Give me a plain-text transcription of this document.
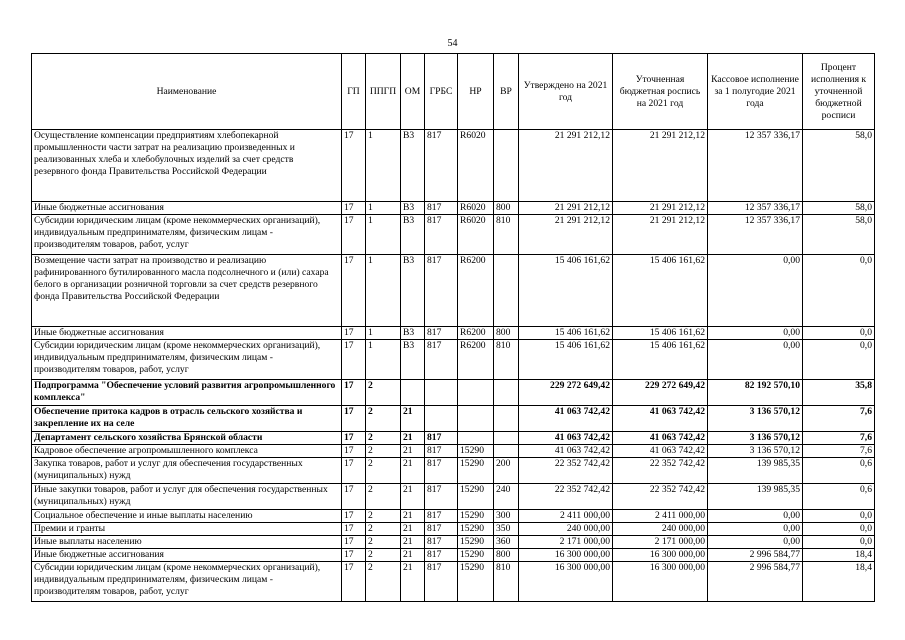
54
Наименование	ГП	ППГП	ОМ	ГРБС	НР	ВР	Утверждено на 2021 год	Уточненная бюджетная роспись на 2021 год	Кассовое исполнение за 1 полугодие 2021 года	Процент исполнения к уточненной бюджетной росписи
Осуществление компенсации предприятиям хлебопекарной промышленности части затрат на реализацию произведенных и реализованных хлеба и хлебобулочных изделий за счет средств резервного фонда Правительства Российской Федерации	17	1	B3	817	R6020		21 291 212,12	21 291 212,12	12 357 336,17	58,0
Иные бюджетные ассигнования	17	1	B3	817	R6020	800	21 291 212,12	21 291 212,12	12 357 336,17	58,0
Субсидии юридическим лицам (кроме некоммерческих организаций), индивидуальным предпринимателям, физическим лицам - производителям товаров, работ, услуг	17	1	B3	817	R6020	810	21 291 212,12	21 291 212,12	12 357 336,17	58,0
Возмещение части затрат на производство и реализацию рафинированного бутилированного масла подсолнечного и (или) сахара белого в организации розничной торговли за счет средств резервного фонда Правительства Российской Федерации	17	1	B3	817	R6200		15 406 161,62	15 406 161,62	0,00	0,0
Иные бюджетные ассигнования	17	1	B3	817	R6200	800	15 406 161,62	15 406 161,62	0,00	0,0
Субсидии юридическим лицам (кроме некоммерческих организаций), индивидуальным предпринимателям, физическим лицам - производителям товаров, работ, услуг	17	1	B3	817	R6200	810	15 406 161,62	15 406 161,62	0,00	0,0
Подпрограмма "Обеспечение условий развития агропромышленного комплекса"	17	2					229 272 649,42	229 272 649,42	82 192 570,10	35,8
Обеспечение притока кадров в отрасль сельского хозяйства и закрепление их на селе	17	2	21				41 063 742,42	41 063 742,42	3 136 570,12	7,6
Департамент сельского хозяйства Брянской области	17	2	21	817			41 063 742,42	41 063 742,42	3 136 570,12	7,6
Кадровое обеспечение агропромышленного комплекса	17	2	21	817	15290		41 063 742,42	41 063 742,42	3 136 570,12	7,6
Закупка товаров, работ и услуг для обеспечения государственных (муниципальных) нужд	17	2	21	817	15290	200	22 352 742,42	22 352 742,42	139 985,35	0,6
Иные закупки товаров, работ и услуг для обеспечения государственных (муниципальных) нужд	17	2	21	817	15290	240	22 352 742,42	22 352 742,42	139 985,35	0,6
Социальное обеспечение и иные выплаты населению	17	2	21	817	15290	300	2 411 000,00	2 411 000,00	0,00	0,0
Премии и гранты	17	2	21	817	15290	350	240 000,00	240 000,00	0,00	0,0
Иные выплаты населению	17	2	21	817	15290	360	2 171 000,00	2 171 000,00	0,00	0,0
Иные бюджетные ассигнования	17	2	21	817	15290	800	16 300 000,00	16 300 000,00	2 996 584,77	18,4
Субсидии юридическим лицам (кроме некоммерческих организаций), индивидуальным предпринимателям, физическим лицам - производителям товаров, работ, услуг	17	2	21	817	15290	810	16 300 000,00	16 300 000,00	2 996 584,77	18,4
